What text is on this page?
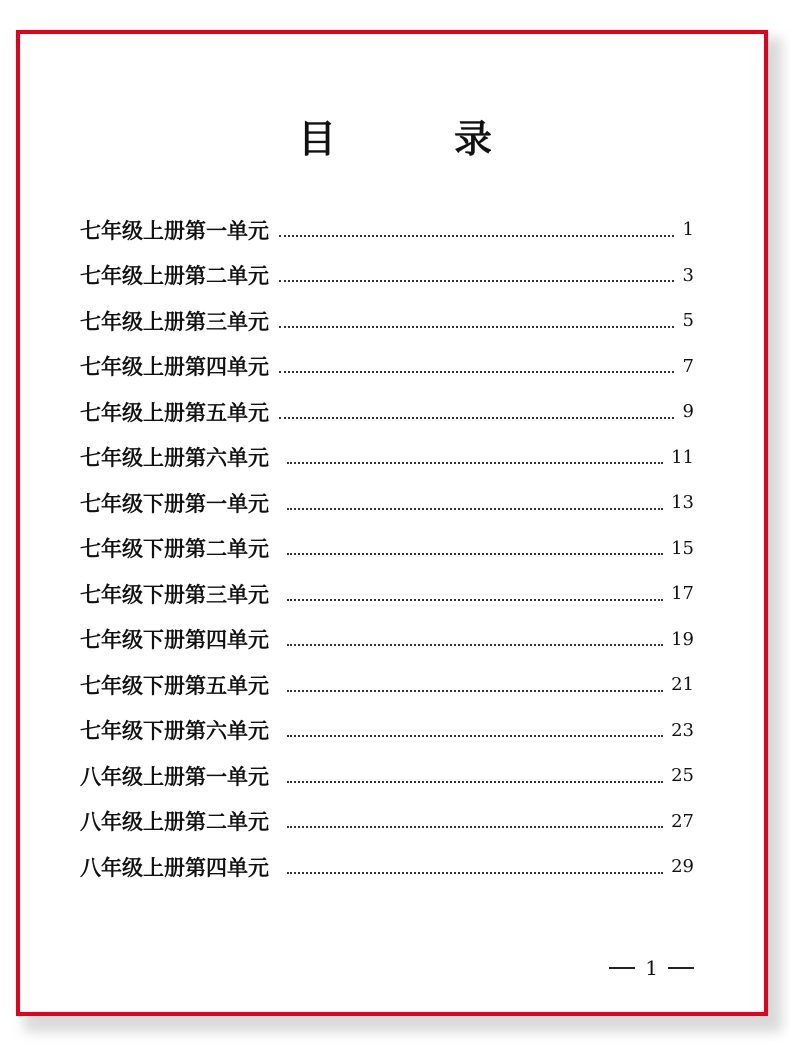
目　录
七年级上册第一单元	1
七年级上册第二单元	3
七年级上册第三单元	5
七年级上册第四单元	7
七年级上册第五单元	9
七年级上册第六单元	11
七年级下册第一单元	13
七年级下册第二单元	15
七年级下册第三单元	17
七年级下册第四单元	19
七年级下册第五单元	21
七年级下册第六单元	23
八年级上册第一单元	25
八年级上册第二单元	27
八年级上册第四单元	29
1
